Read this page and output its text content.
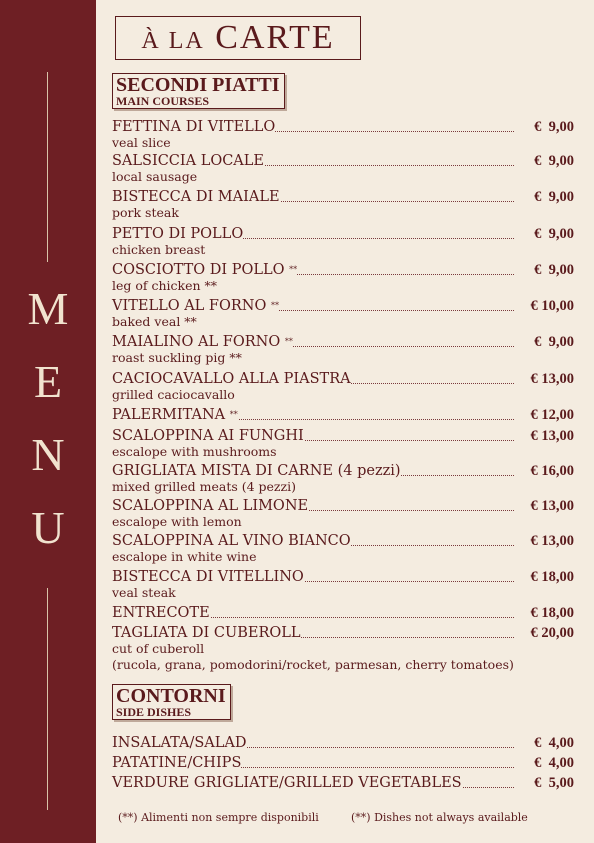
M
E
N
U
À LA CARTE
SECONDI PIATTI
MAIN COURSES
FETTINA DI VITELLO	€  9,00
veal slice
SALSICCIA LOCALE	€  9,00
local sausage
BISTECCA DI MAIALE	€  9,00
pork steak
PETTO DI POLLO	€  9,00
chicken breast
COSCIOTTO DI POLLO **	€  9,00
leg of chicken **
VITELLO AL FORNO **	€ 10,00
baked veal **
MAIALINO AL FORNO **	€  9,00
roast suckling pig **
CACIOCAVALLO ALLA PIASTRA	€ 13,00
grilled caciocavallo
PALERMITANA **	€ 12,00
SCALOPPINA AI FUNGHI	€ 13,00
escalope with mushrooms
GRIGLIATA MISTA DI CARNE (4 pezzi)	€ 16,00
mixed grilled meats (4 pezzi)
SCALOPPINA AL LIMONE	€ 13,00
escalope with lemon
SCALOPPINA AL VINO BIANCO	€ 13,00
escalope in white wine
BISTECCA DI VITELLINO	€ 18,00
veal steak
ENTRECOTE	€ 18,00
TAGLIATA DI CUBEROLL	€ 20,00
cut of cuberoll
(rucola, grana, pomodorini/rocket, parmesan, cherry tomatoes)
CONTORNI
SIDE DISHES
INSALATA/SALAD	€  4,00
PATATINE/CHIPS	€  4,00
VERDURE GRIGLIATE/GRILLED VEGETABLES	€  5,00
(**) Alimenti non sempre disponibili	(**) Dishes not always available
